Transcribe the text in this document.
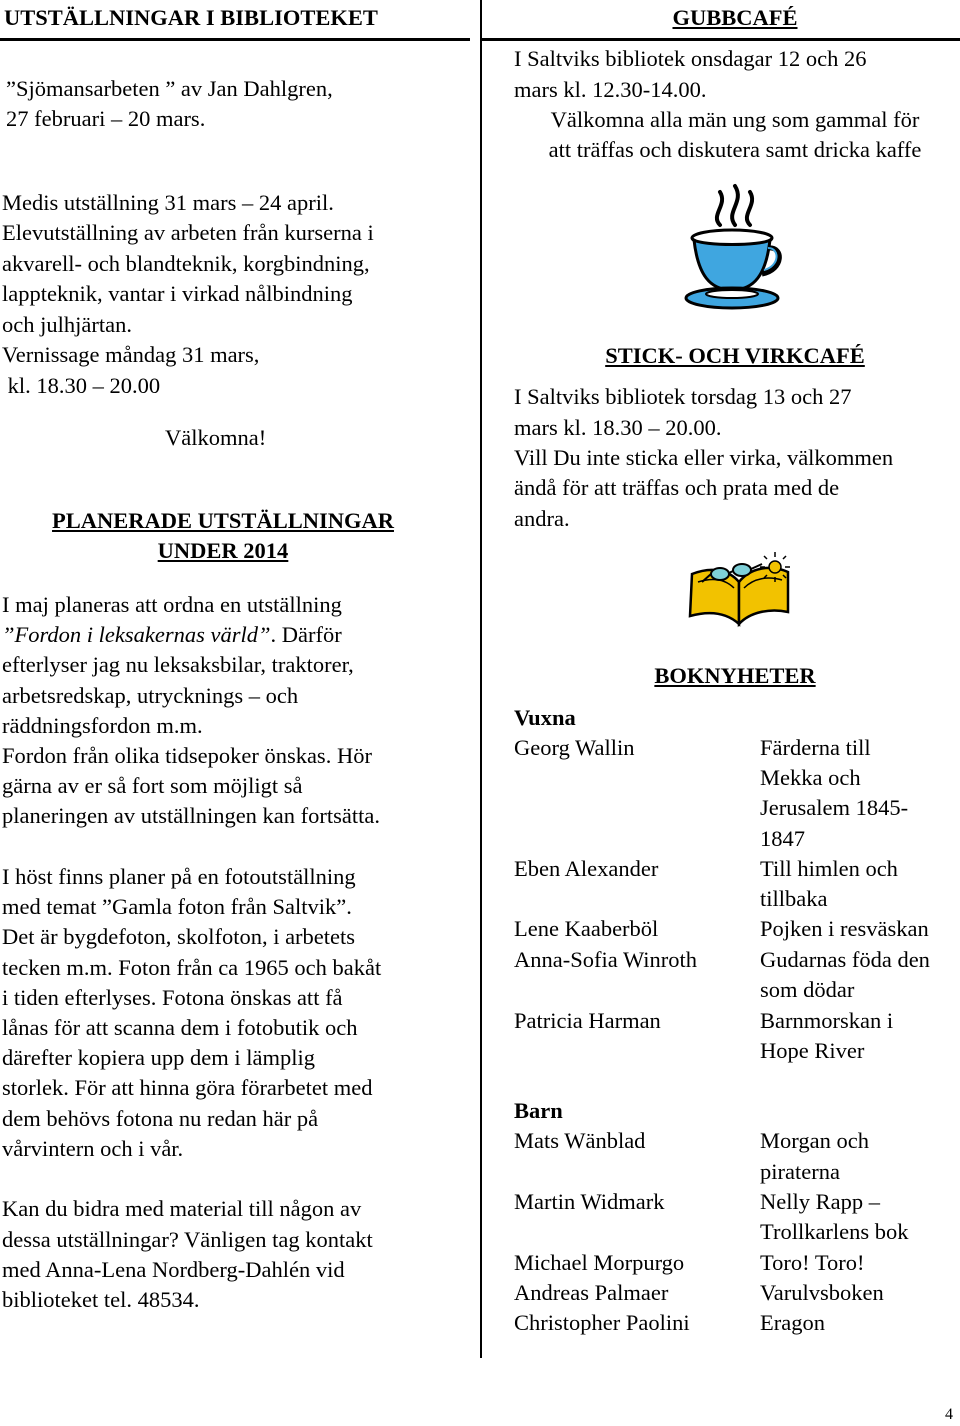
UTSTÄLLNINGAR I BIBLIOTEKET
”Sjömansarbeten ” av Jan Dahlgren,
27 februari – 20 mars.
Medis utställning 31 mars – 24 april.
Elevutställning av arbeten från kurserna i
akvarell- och blandteknik, korgbindning,
lappteknik, vantar i virkad nålbindning
och julhjärtan.
Vernissage måndag 31 mars,
kl. 18.30 – 20.00
Välkomna!
PLANERADE UTSTÄLLNINGAR
UNDER 2014
I maj planeras att ordna en utställning
”Fordon i leksakernas värld”. Därför
efterlyser jag nu leksaksbilar, traktorer,
arbetsredskap, utrycknings – och
räddningsfordon m.m.
Fordon från olika tidsepoker önskas. Hör
gärna av er så fort som möjligt så
planeringen av utställningen kan fortsätta.
I höst finns planer på en fotoutställning
med temat ”Gamla foton från Saltvik”.
Det är bygdefoton, skolfoton, i arbetets
tecken m.m. Foton från ca 1965 och bakåt
i tiden efterlyses. Fotona önskas att få
lånas för att scanna dem i fotobutik och
därefter kopiera upp dem i lämplig
storlek. För att hinna göra förarbetet med
dem behövs fotona nu redan här på
vårvintern och i vår.
Kan du bidra med material till någon av
dessa utställningar? Vänligen tag kontakt
med Anna-Lena Nordberg-Dahlén vid
biblioteket tel. 48534.
GUBBCAFÉ
I Saltviks bibliotek onsdagar 12 och 26
mars kl. 12.30-14.00.
Välkomna alla män ung som gammal för
att träffas och diskutera samt dricka kaffe
STICK- OCH VIRKCAFÉ
I Saltviks bibliotek torsdag 13 och 27
mars kl. 18.30 – 20.00.
Vill Du inte sticka eller virka, välkommen
ändå för att träffas och prata med de
andra.
BOKNYHETER
Vuxna
Georg Wallin	Färderna till
Mekka och
Jerusalem 1845-
1847
Eben Alexander	Till himlen och
tillbaka
Lene Kaaberböl	Pojken i resväskan
Anna-Sofia Winroth	Gudarnas föda den
som dödar
Patricia Harman	Barnmorskan i
Hope River
Barn
Mats Wänblad	Morgan och
piraterna
Martin Widmark	Nelly Rapp –
Trollkarlens bok
Michael Morpurgo	Toro! Toro!
Andreas Palmaer	Varulvsboken
Christopher Paolini	Eragon
4
